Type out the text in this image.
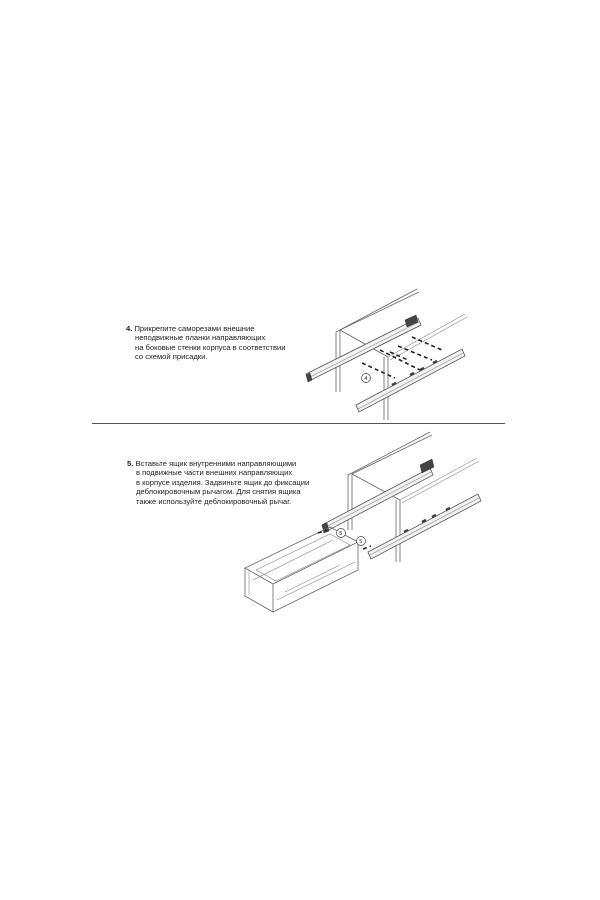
4. Прикрепите саморезами внешние
неподвижные планки направляющих
на боковые стенки корпуса в соответствии
со схемой присадки.
5. Вставьте ящик внутренними направляющими
в подвижные части внешних направляющих
в корпусе изделия. Задвиньте ящик до фиксации
деблокировочным рычагом. Для снятия ящика
также используйте деблокировочный рычаг.
4
5
5
